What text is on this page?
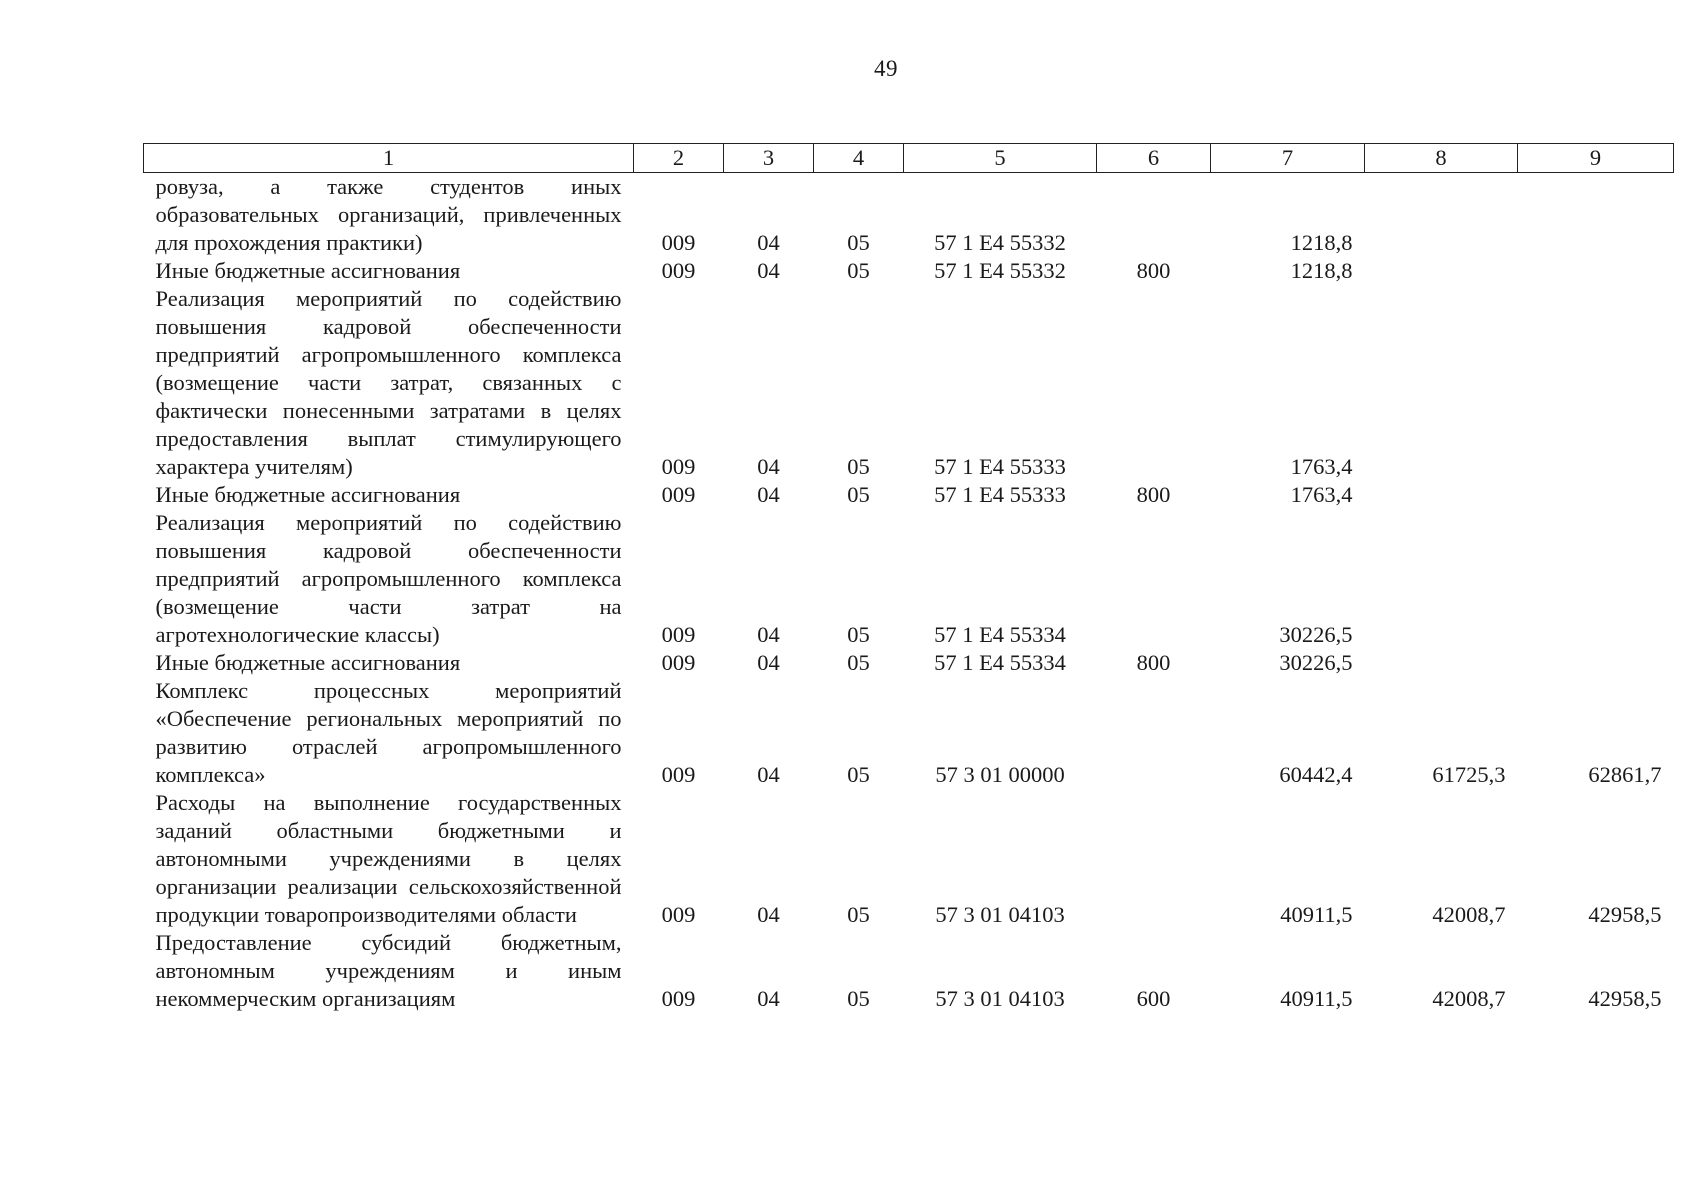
49
1	2	3	4	5	6	7	8	9
ровуза, а также студентов иных образовательных организаций, привлеченных для прохождения практики)	009	04	05	57 1 Е4 55332		1218,8		
Иные бюджетные ассигнования	009	04	05	57 1 Е4 55332	800	1218,8		
Реализация мероприятий по содействию повышения кадровой обеспеченности предприятий агропромышленного комплекса (возмещение части затрат, связанных с фактически понесенными затратами в целях предоставления выплат стимулирующего характера учителям)	009	04	05	57 1 Е4 55333		1763,4		
Иные бюджетные ассигнования	009	04	05	57 1 Е4 55333	800	1763,4		
Реализация мероприятий по содействию повышения кадровой обеспеченности предприятий агропромышленного комплекса (возмещение части затрат на агротехнологические классы)	009	04	05	57 1 Е4 55334		30226,5		
Иные бюджетные ассигнования	009	04	05	57 1 Е4 55334	800	30226,5		
Комплекс процессных мероприятий «Обеспечение региональных мероприятий по развитию отраслей агропромышленного комплекса»	009	04	05	57 3 01 00000		60442,4	61725,3	62861,7
Расходы на выполнение государственных заданий областными бюджетными и автономными учреждениями в целях организации реализации сельскохозяйственной продукции товаропроизводителями области	009	04	05	57 3 01 04103		40911,5	42008,7	42958,5
Предоставление субсидий бюджетным, автономным учреждениям и иным некоммерческим организациям	009	04	05	57 3 01 04103	600	40911,5	42008,7	42958,5
